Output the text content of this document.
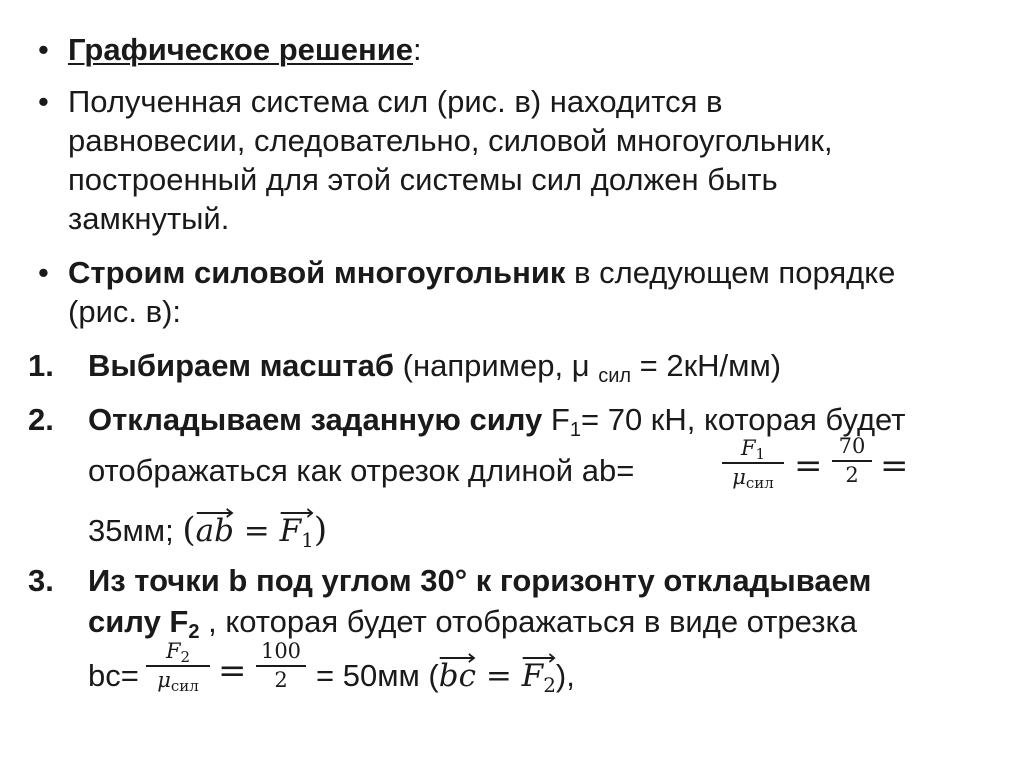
• Графическое решение:
• Полученная система сил (рис. в) находится в
равновесии, следовательно, силовой многоугольник,
построенный для этой системы сил должен быть
замкнутый.
• Строим силовой многоугольник в следующем порядке
(рис. в):
1. Выбираем масштаб (например, μ $_{сил}$ = 2кН/мм)
2. Откладываем заданную силу $F_1= 70$ кН, которая будет
отображаться как отрезок длиной ab=
$F_1$
$\mu_{сил} = 70$
2 =
35мм; (
ab =
$F_1$)
3. Из точки b под углом 30° к горизонту откладываем
силу $F_2$ , которая будет отображаться в виде отрезка
bc=
$F_2$
$\mu_{сил} = 100$
2 = 50мм (
bc =
$F_2$),
